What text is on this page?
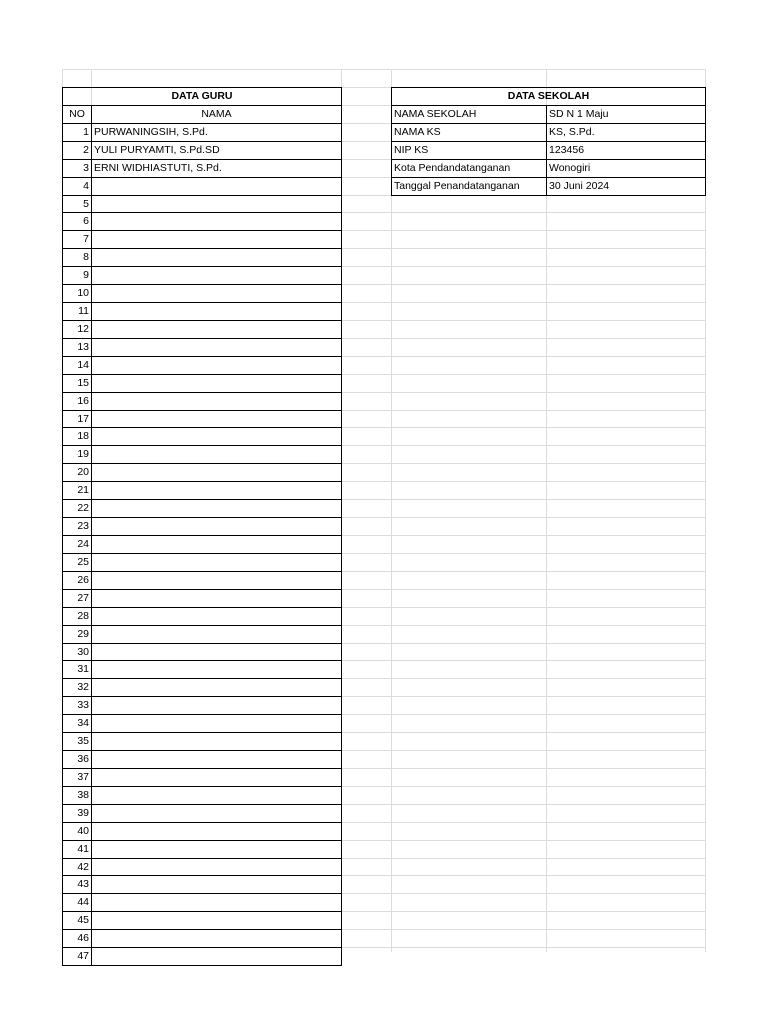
DATA GURU
NO	NAMA
1 PURWANINGSIH, S.Pd.
2 YULI PURYAMTI, S.Pd.SD
3 ERNI WIDHIASTUTI, S.Pd.
4
5
6
7
8
9
10
11
12
13
14
15
16
17
18
19
20
21
22
23
24
25
26
27
28
29
30
31
32
33
34
35
36
37
38
39
40
41
42
43
44
45
46
47
DATA SEKOLAH
NAMA SEKOLAH	SD N 1 Maju
NAMA KS	KS, S.Pd.
NIP KS	123456
Kota Pendandatanganan	Wonogiri
Tanggal Penandatanganan	30 Juni 2024
